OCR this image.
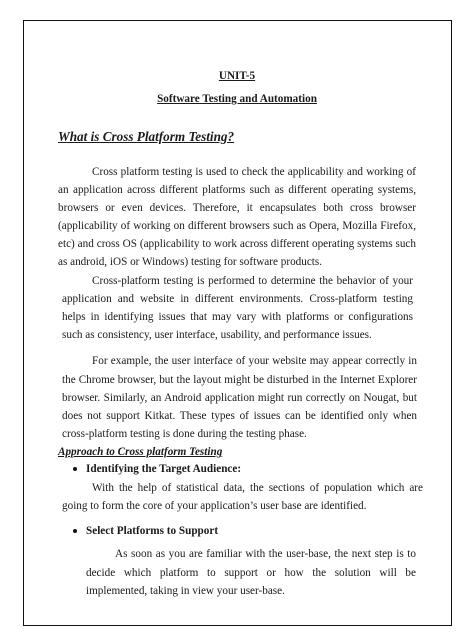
UNIT-5
Software Testing and Automation
What is Cross Platform Testing?
Cross platform testing is used to check the applicability and working of
an application across different platforms such as different operating systems,
browsers or even devices. Therefore, it encapsulates both cross browser
(applicability of working on different browsers such as Opera, Mozilla Firefox,
etc) and cross OS (applicability to work across different operating systems such
as android, iOS or Windows) testing for software products.
Cross-platform testing is performed to determine the behavior of your
application and website in different environments. Cross-platform testing
helps in identifying issues that may vary with platforms or configurations
such as consistency, user interface, usability, and performance issues.
For example, the user interface of your website may appear correctly in
the Chrome browser, but the layout might be disturbed in the Internet Explorer
browser. Similarly, an Android application might run correctly on Nougat, but
does not support Kitkat. These types of issues can be identified only when
cross-platform testing is done during the testing phase.
Approach to Cross platform Testing
Identifying the Target Audience:
With the help of statistical data, the sections of population which are
going to form the core of your application’s user base are identified.
Select Platforms to Support
As soon as you are familiar with the user-base, the next step is to
decide which platform to support or how the solution will be
implemented, taking in view your user-base.
